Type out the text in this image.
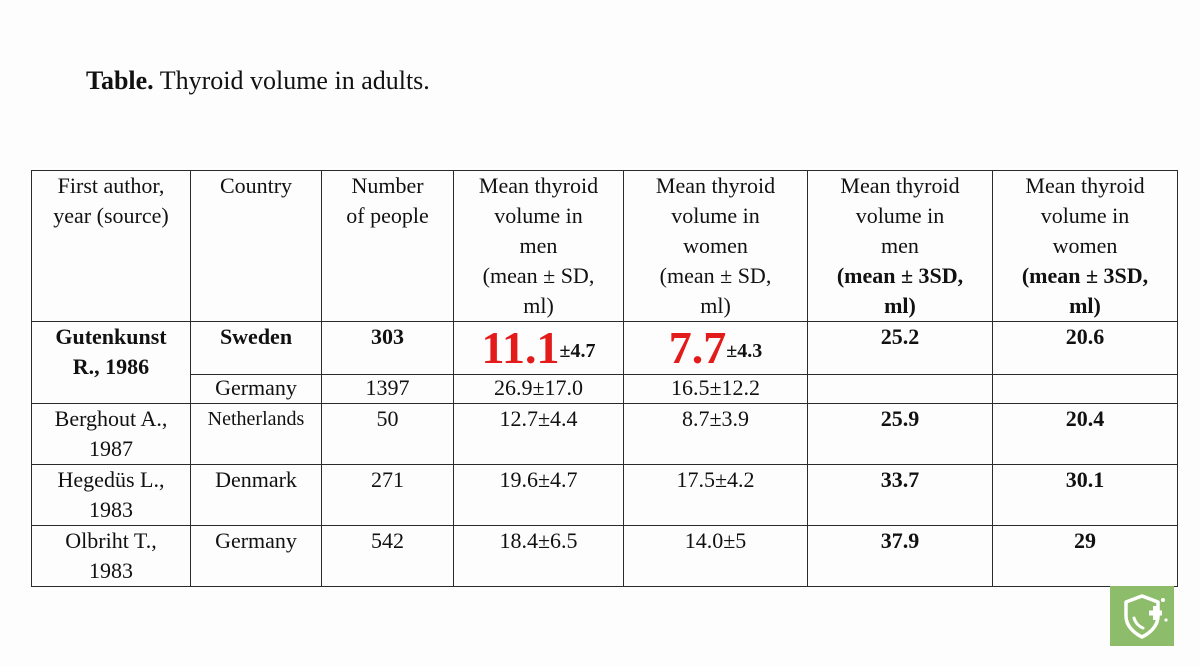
Table. Thyroid volume in adults.
First author,
year (source)	Country	Number
of people	Mean thyroid
volume in
men
(mean ± SD,
ml)	Mean thyroid
volume in
women
(mean ± SD,
ml)	Mean thyroid
volume in
men
(mean ± 3SD,
ml)	Mean thyroid
volume in
women
(mean ± 3SD,
ml)

Gutenkunst
R., 1986	Sweden	303	11.1±4.7	7.7±4.3	25.2	20.6
	Germany	1397	26.9±17.0	16.5±12.2		

Berghout A.,
1987	Netherlands	50	12.7±4.4	8.7±3.9	25.9	20.4

Hegedüs L.,
1983	Denmark	271	19.6±4.7	17.5±4.2	33.7	30.1

Olbriht T.,
1983	Germany	542	18.4±6.5	14.0±5	37.9	29
